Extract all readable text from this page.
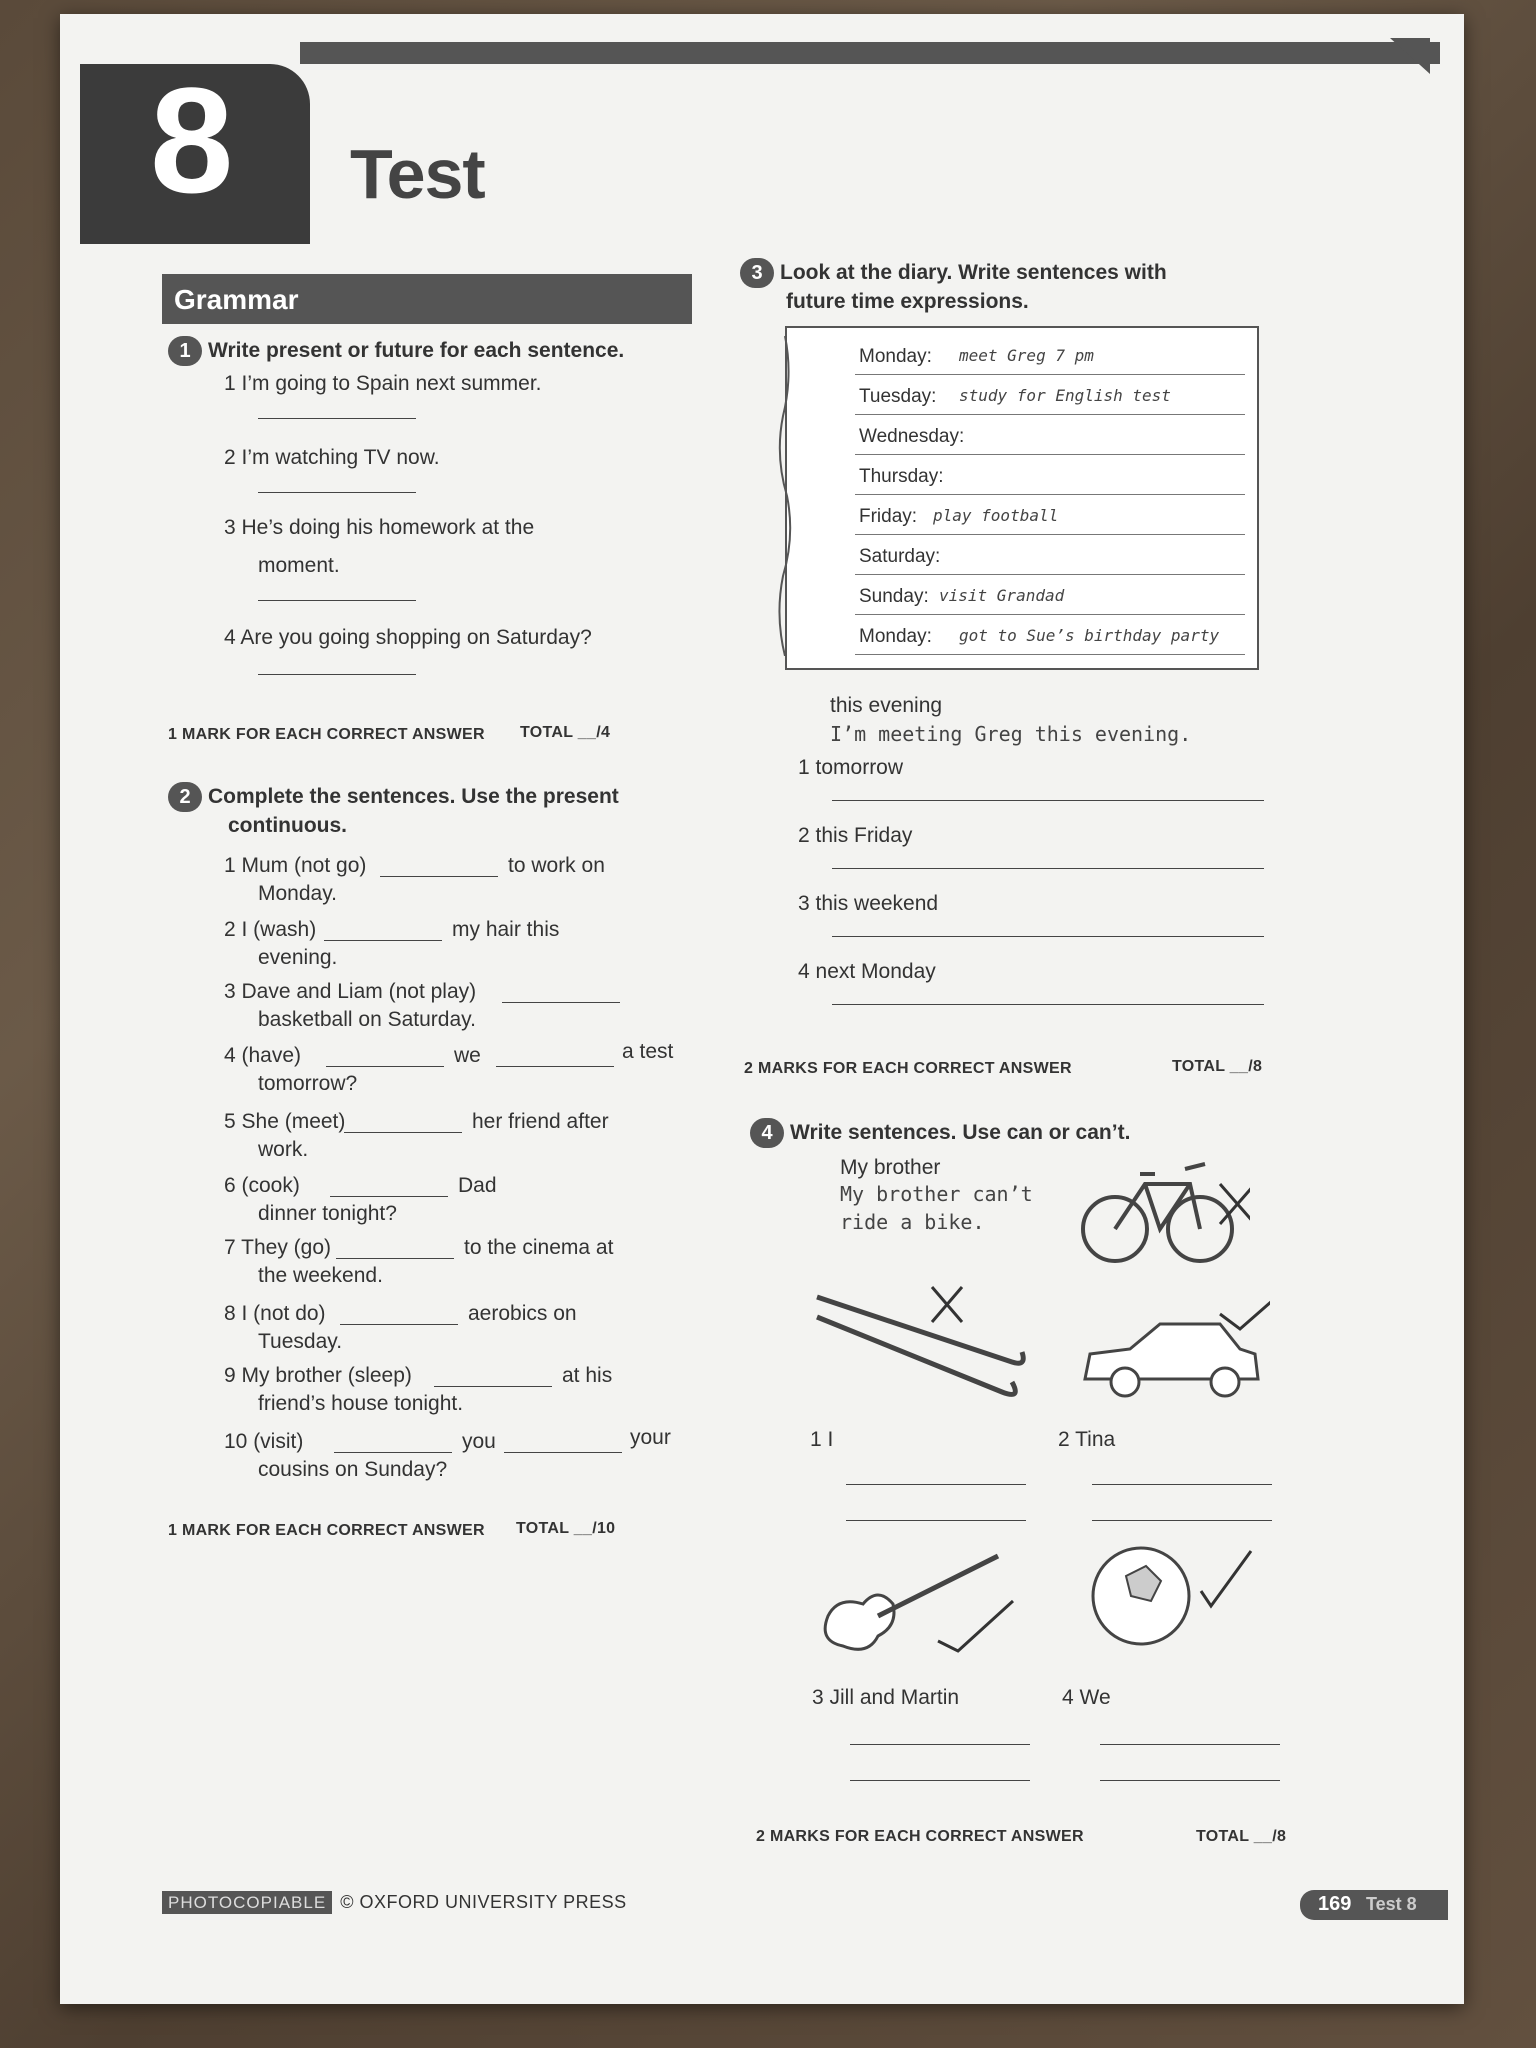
8 Test
Grammar
1 Write present or future for each sentence.
1 I’m going to Spain next summer.
2 I’m watching TV now.
3 He’s doing his homework at the
moment.
4 Are you going shopping on Saturday?
1 MARK FOR EACH CORRECT ANSWER TOTAL __/4
2 Complete the sentences. Use the present
continuous.
1 Mum (not go)	to work on
Monday.
2 I (wash)	my hair this
evening.
3 Dave and Liam (not play)
basketball on Saturday.
4 (have)	we	a test
tomorrow?
5 She (meet)	her friend after
work.
6 (cook)	Dad
dinner tonight?
7 They (go)	to the cinema at
the weekend.
8 I (not do)	aerobics on
Tuesday.
9 My brother (sleep)	at his
friend’s house tonight.
10 (visit)	you	your
cousins on Sunday?
1 MARK FOR EACH CORRECT ANSWER TOTAL __/10
3 Look at the diary. Write sentences with
future time expressions.
Monday: meet Greg 7 pm
Tuesday: study for English test
Wednesday:
Thursday:
Friday: play football
Saturday:
Sunday: visit Grandad
Monday: got to Sue’s birthday party
this evening
I’m meeting Greg this evening.
1 tomorrow
2 this Friday
3 this weekend
4 next Monday
2 MARKS FOR EACH CORRECT ANSWER	TOTAL __/8
4 Write sentences. Use can or can’t.
My brother
My brother can’t
ride a bike.
1 I	2 Tina
3 Jill and Martin	4 We
2 MARKS FOR EACH CORRECT ANSWER	TOTAL __/8
PHOTOCOPIABLE © OXFORD UNIVERSITY PRESS	169 Test 8
